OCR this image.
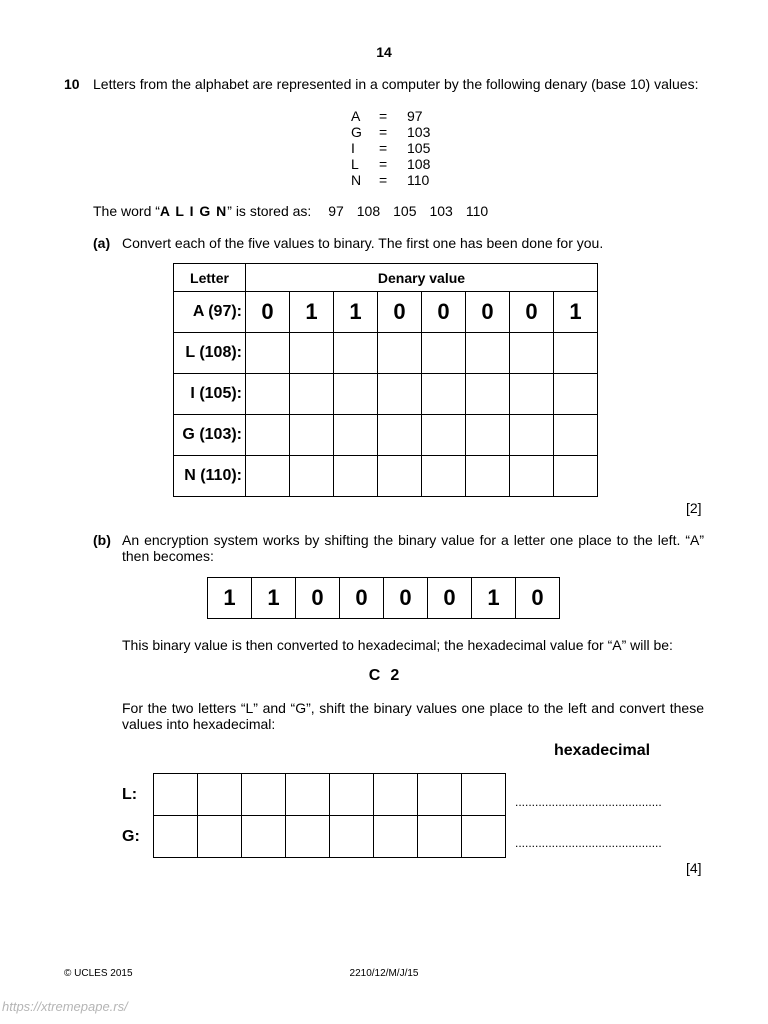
14
10 Letters from the alphabet are represented in a computer by the following denary (base 10) values:
A	=	97
G	=	103
I	=	105
L	=	108
N	=	110
The word “A L I G N” is stored as: 97 108 105 103 110
(a) Convert each of the five values to binary. The first one has been done for you.
Letter	Denary value							
A (97):	0	1	1	0	0	0	0	1
L (108):								
I (105):								
G (103):								
N (110):								
[2]
(b) An encryption system works by shifting the binary value for a letter one place to the left. “A” then becomes:
1	1	0	0	0	0	1	0
This binary value is then converted to hexadecimal; the hexadecimal value for “A” will be:
C 2
For the two letters “L” and “G”, shift the binary values one place to the left and convert these values into hexadecimal:
hexadecimal
L:
G:

............................................
............................................
[4]
© UCLES 2015	2210/12/M/J/15
https://xtremepape.rs/
